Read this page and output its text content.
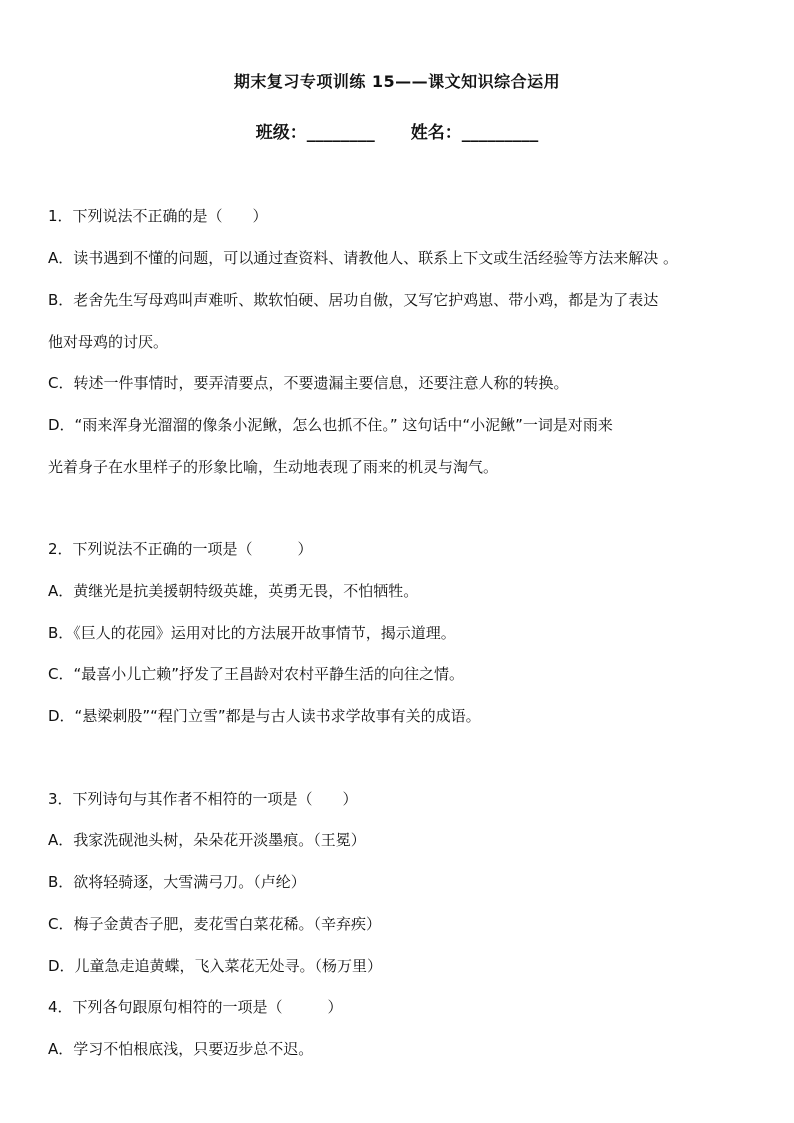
期末复习专项训练 15——课文知识综合运用
班级：________ 姓名：_________
1．下列说法不正确的是（　　）
A．读书遇到不懂的问题，可以通过查资料、请教他人、联系上下文或生活经验等方法来解决 。
B．老舍先生写母鸡叫声难听、欺软怕硬、居功自傲，又写它护鸡崽、带小鸡，都是为了表达
他对母鸡的讨厌。
C．转述一件事情时，要弄清要点，不要遗漏主要信息，还要注意人称的转换。
D．“雨来浑身光溜溜的像条小泥鳅，怎么也抓不住。” 这句话中“小泥鳅”一词是对雨来
光着身子在水里样子的形象比喻，生动地表现了雨来的机灵与淘气。
2．下列说法不正确的一项是（　　　）
A．黄继光是抗美援朝特级英雄，英勇无畏，不怕牺牲。
B．《巨人的花园》运用对比的方法展开故事情节，揭示道理。
C．“最喜小儿亡赖”抒发了王昌龄对农村平静生活的向往之情。
D．“悬梁刺股”“程门立雪”都是与古人读书求学故事有关的成语。
3．下列诗句与其作者不相符的一项是（　　）
A．我家洗砚池头树，朵朵花开淡墨痕。（王冕）
B．欲将轻骑逐，大雪满弓刀。（卢纶）
C．梅子金黄杏子肥，麦花雪白菜花稀。（辛弃疾）
D．儿童急走追黄蝶，飞入菜花无处寻。（杨万里）
4．下列各句跟原句相符的一项是（　　　）
A．学习不怕根底浅，只要迈步总不迟。
